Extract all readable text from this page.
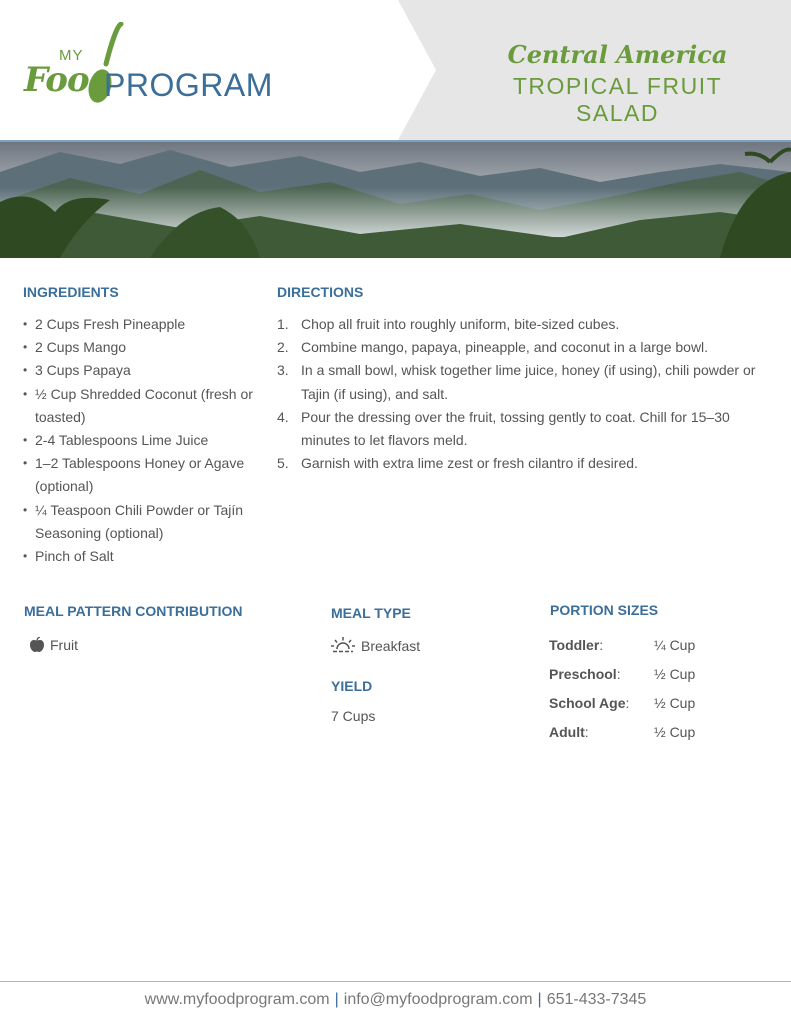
MY
Foo PROGRAM
Central America
TROPICAL FRUIT SALAD
INGREDIENTS
• 2 Cups Fresh Pineapple
• 2 Cups Mango
• 3 Cups Papaya
• ½ Cup Shredded Coconut (fresh or toasted)
• 2-4 Tablespoons Lime Juice
• 1–2 Tablespoons Honey or Agave (optional)
• ¼ Teaspoon Chili Powder or Tajín Seasoning (optional)
• Pinch of Salt
DIRECTIONS
1. Chop all fruit into roughly uniform, bite-sized cubes.
2. Combine mango, papaya, pineapple, and coconut in a large bowl.
3. In a small bowl, whisk together lime juice, honey (if using), chili powder or Tajin (if using), and salt.
4. Pour the dressing over the fruit, tossing gently to coat. Chill for 15–30 minutes to let flavors meld.
5. Garnish with extra lime zest or fresh cilantro if desired.
MEAL PATTERN CONTRIBUTION
Fruit
MEAL TYPE
Breakfast
YIELD
7 Cups
PORTION SIZES
Toddler:	¼ Cup
Preschool: ½ Cup
School Age: ½ Cup
Adult:	½ Cup
www.myfoodprogram.com | info@myfoodprogram.com | 651-433-7345
